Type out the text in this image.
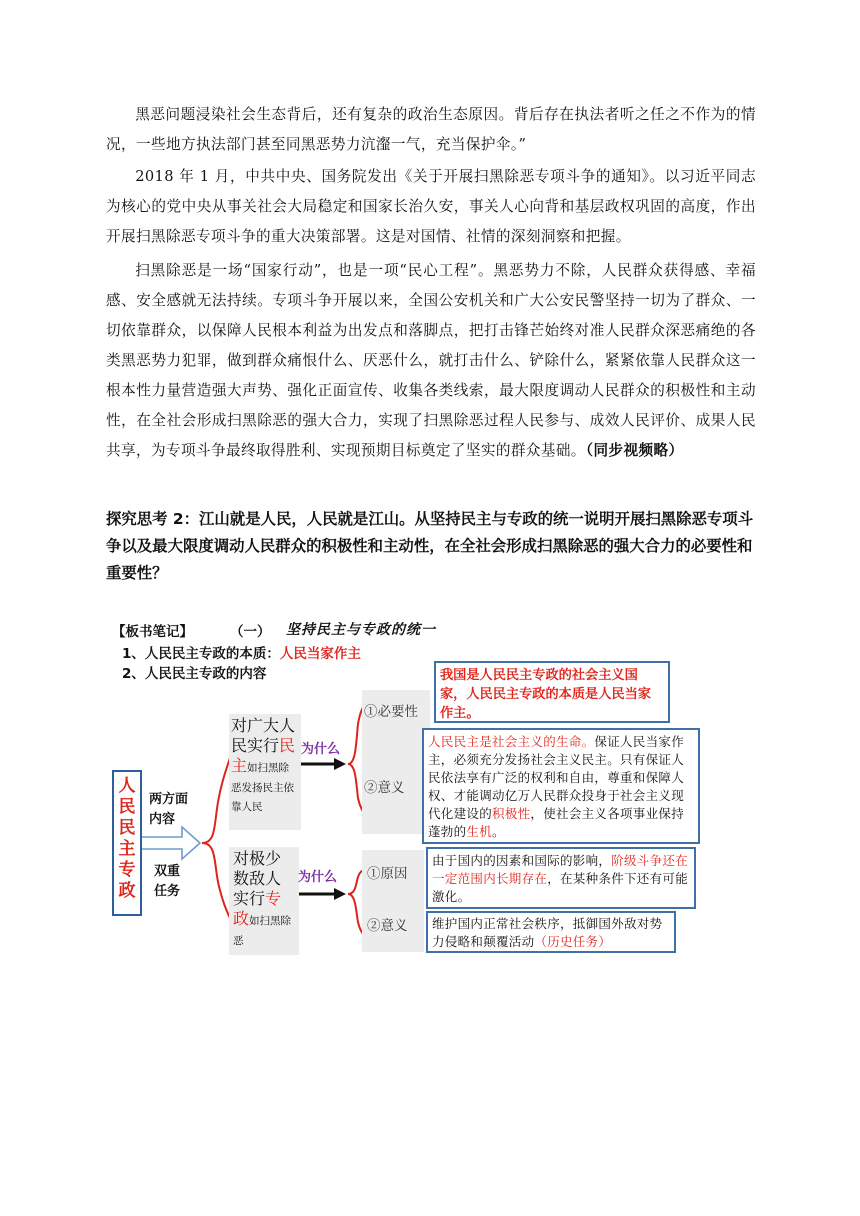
黑恶问题浸染社会生态背后，还有复杂的政治生态原因。背后存在执法者听之任之不作为的情况，一些地方执法部门甚至同黑恶势力沆瀣一气，充当保护伞。”

2018 年 1 月，中共中央、国务院发出《关于开展扫黑除恶专项斗争的通知》。以习近平同志为核心的党中央从事关社会大局稳定和国家长治久安，事关人心向背和基层政权巩固的高度，作出开展扫黑除恶专项斗争的重大决策部署。这是对国情、社情的深刻洞察和把握。

扫黑除恶是一场“国家行动”，也是一项“民心工程”。黑恶势力不除，人民群众获得感、幸福感、安全感就无法持续。专项斗争开展以来，全国公安机关和广大公安民警坚持一切为了群众、一切依靠群众，以保障人民根本利益为出发点和落脚点，把打击锋芒始终对准人民群众深恶痛绝的各类黑恶势力犯罪，做到群众痛恨什么、厌恶什么，就打击什么、铲除什么，紧紧依靠人民群众这一根本性力量营造强大声势、强化正面宣传、收集各类线索，最大限度调动人民群众的积极性和主动性，在全社会形成扫黑除恶的强大合力，实现了扫黑除恶过程人民参与、成效人民评价、成果人民共享，为专项斗争最终取得胜利、实现预期目标奠定了坚实的群众基础。（同步视频略）

探究思考 2：江山就是人民，人民就是江山。从坚持民主与专政的统一说明开展扫黑除恶专项斗争以及最大限度调动人民群众的积极性和主动性，在全社会形成扫黑除恶的强大合力的必要性和重要性？

【板书笔记】	（一） 坚持民主与专政的统一
1、人民民主专政的本质：人民当家作主
2、人民民主专政的内容
人民民主专政
两方面内容
双重任务
对广大人民实行民主如扫黑除恶发扬民主依靠人民
对极少数敌人实行专政如扫黑除恶
为什么
为什么
①必要性
②意义
①原因
②意义
我国是人民民主专政的社会主义国家，人民民主专政的本质是人民当家作主。
人民民主是社会主义的生命。保证人民当家作主，必须充分发扬社会主义民主。只有保证人民依法享有广泛的权利和自由，尊重和保障人权、才能调动亿万人民群众投身于社会主义现代化建设的积极性，使社会主义各项事业保持蓬勃的生机。
由于国内的因素和国际的影响，阶级斗争还在一定范围内长期存在，在某种条件下还有可能激化。
维护国内正常社会秩序，抵御国外敌对势力侵略和颠覆活动（历史任务）
